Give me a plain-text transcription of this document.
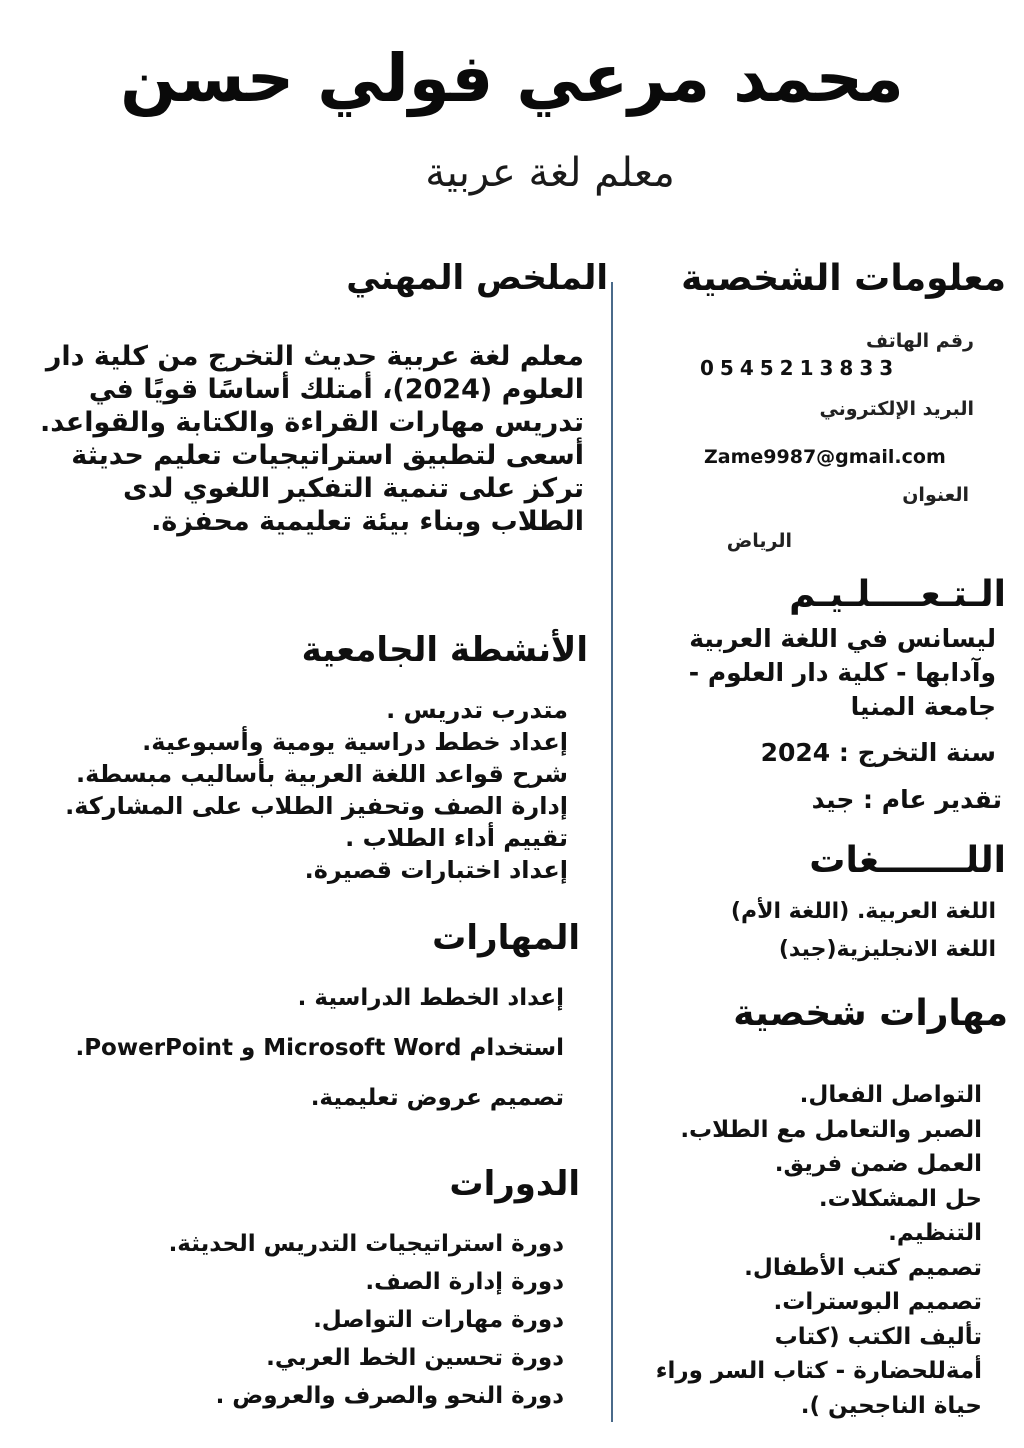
محمد مرعي فولي حسن
معلم لغة عربية
معلومات الشخصية
رقم الهاتف
0545213833
البريد الإلكتروني
Zame9987@gmail.com
العنوان
الرياض
الـتـعــــلـيـم
ليسانس في اللغة العربية وآدابها - كلية دار العلوم - جامعة المنيا
سنة التخرج : 2024
تقدير عام : جيد
اللـــــــغات
اللغة العربية. (اللغة الأم)
اللغة الانجليزية(جيد)
مهارات شخصية
التواصل الفعال.
الصبر والتعامل مع الطلاب.
العمل ضمن فريق.
حل المشكلات.
التنظيم.
تصميم كتب الأطفال.
تصميم البوسترات.
تأليف الكتب (كتاب
أمةللحضارة - كتاب السر وراء
حياة الناجحين ).
الملخص المهني
معلم لغة عربية حديث التخرج من كلية دار العلوم (2024)، أمتلك أساسًا قويًا في تدريس مهارات القراءة والكتابة والقواعد. أسعى لتطبيق استراتيجيات تعليم حديثة تركز على تنمية التفكير اللغوي لدى الطلاب وبناء بيئة تعليمية محفزة.
الأنشطة الجامعية
متدرب تدريس .
إعداد خطط دراسية يومية وأسبوعية.
شرح قواعد اللغة العربية بأساليب مبسطة.
إدارة الصف وتحفيز الطلاب على المشاركة.
تقييم أداء الطلاب .
إعداد اختبارات قصيرة.
المهارات
إعداد الخطط الدراسية .
استخدام Microsoft Word و PowerPoint.
تصميم عروض تعليمية.
الدورات
دورة استراتيجيات التدريس الحديثة.
دورة إدارة الصف.
دورة مهارات التواصل.
دورة تحسين الخط العربي.
دورة النحو والصرف والعروض .
